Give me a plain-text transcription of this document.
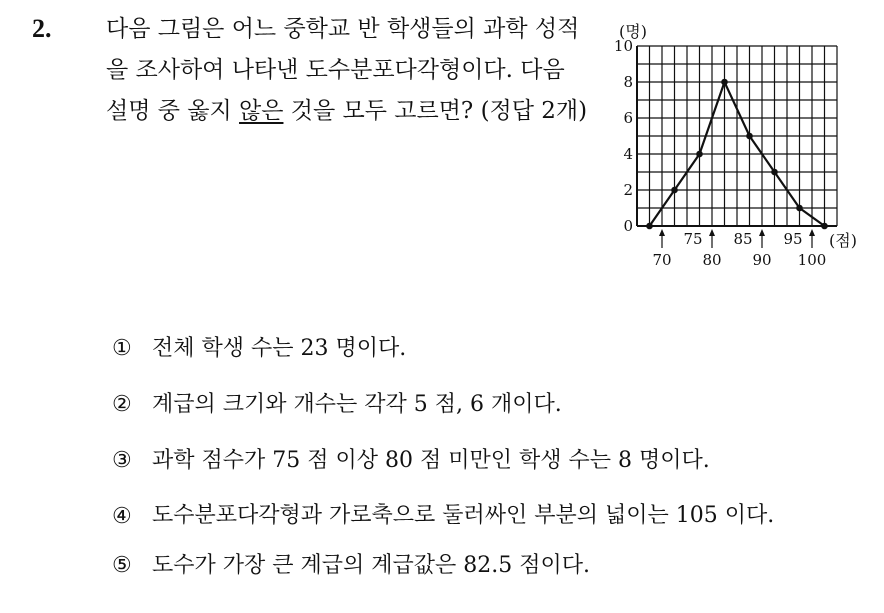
2. 다음 그림은 어느 중학교 반 학생들의 과학 성적을 조사하여 나타낸 도수분포다각형이다. 다음 설명 중 옳지 않은 것을 모두 고르면? (정답 2개)
0
2
4
6
8
10
(명)
75 85 95
70 80 90 100
(점)
① 전체 학생 수는 23 명이다.
② 계급의 크기와 개수는 각각 5 점, 6 개이다.
③ 과학 점수가 75 점 이상 80 점 미만인 학생 수는 8 명이다.
④ 도수분포다각형과 가로축으로 둘러싸인 부분의 넓이는 105 이다.
⑤ 도수가 가장 큰 계급의 계급값은 82.5 점이다.
